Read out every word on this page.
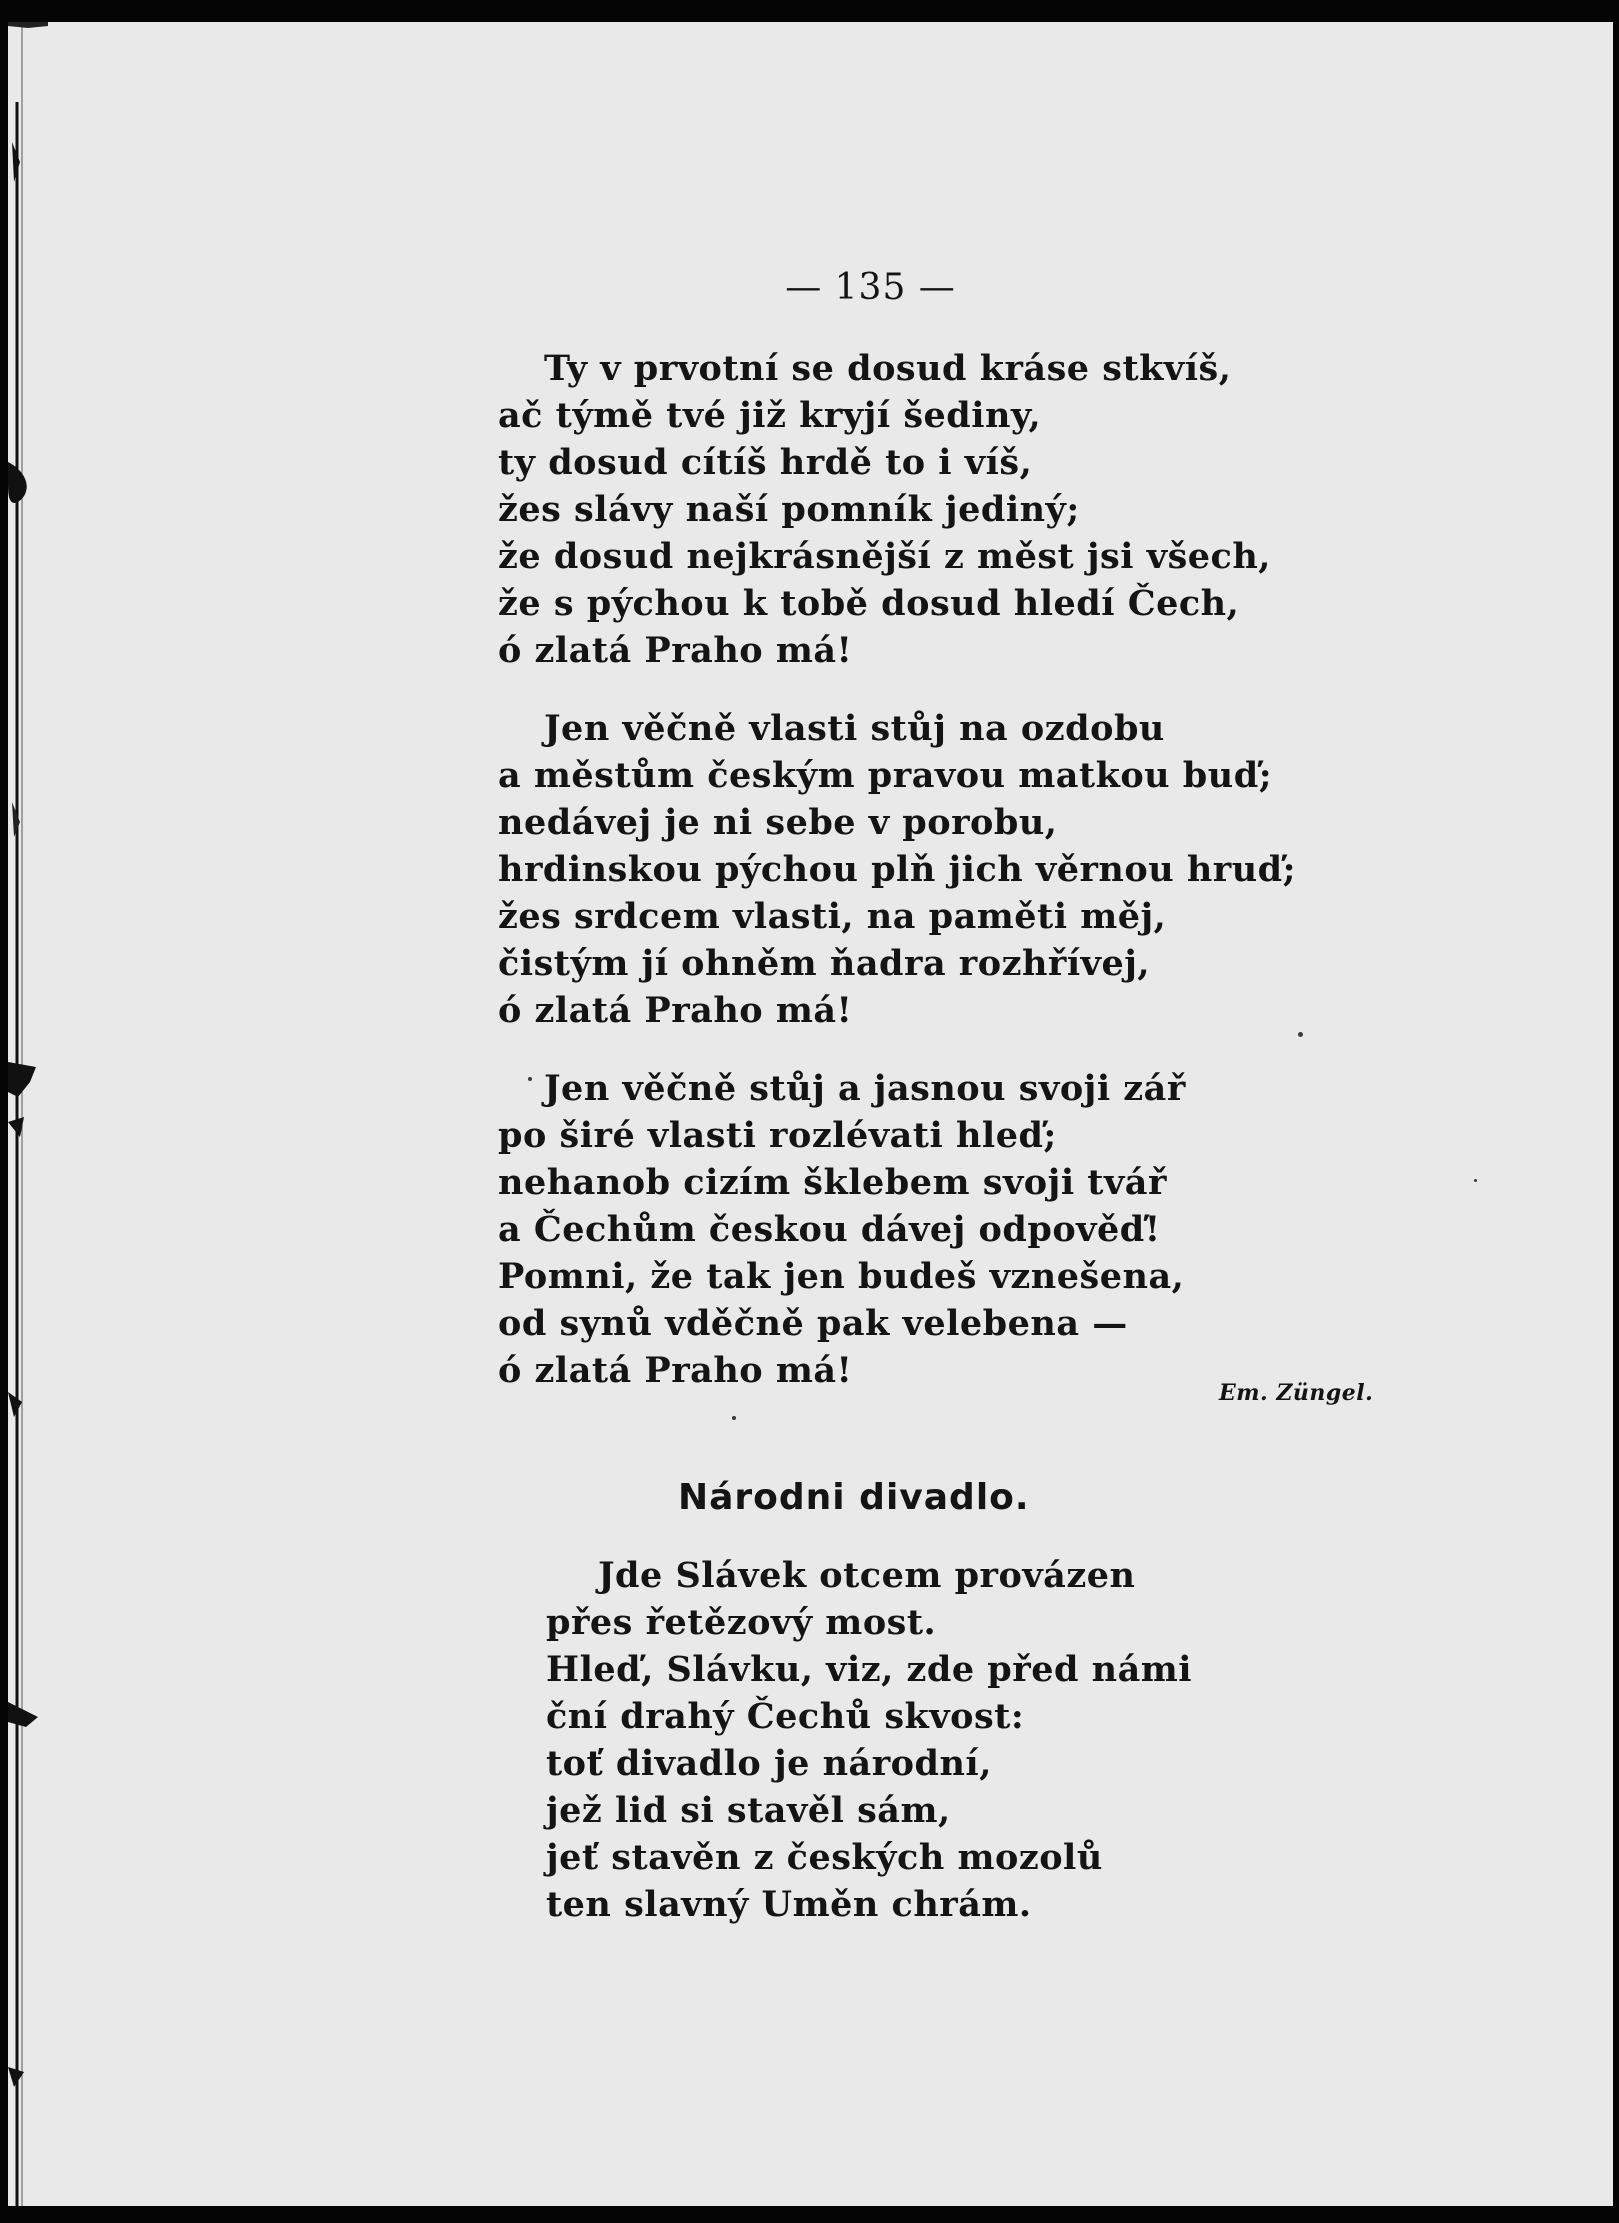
— 135 —
Ty v prvotní se dosud kráse stkvíš,
ač týmě tvé již kryjí šediny,
ty dosud cítíš hrdě to i víš,
žes slávy naší pomník jediný;
že dosud nejkrásnější z měst jsi všech,
že s pýchou k tobě dosud hledí Čech,
ó zlatá Praho má!
Jen věčně vlasti stůj na ozdobu
a městům českým pravou matkou buď;
nedávej je ni sebe v porobu,
hrdinskou pýchou plň jich věrnou hruď;
žes srdcem vlasti, na paměti měj,
čistým jí ohněm ňadra rozhřívej,
ó zlatá Praho má!
Jen věčně stůj a jasnou svoji zář
po širé vlasti rozlévati hleď;
nehanob cizím šklebem svoji tvář
a Čechům českou dávej odpověď!
Pomni, že tak jen budeš vznešena,
od synů vděčně pak velebena —
ó zlatá Praho má!
Em. Züngel.
Národni divadlo.
Jde Slávek otcem provázen
přes řetězový most.
Hleď, Slávku, viz, zde před námi
ční drahý Čechů skvost:
toť divadlo je národní,
jež lid si stavěl sám,
jeť stavěn z českých mozolů
ten slavný Uměn chrám.
